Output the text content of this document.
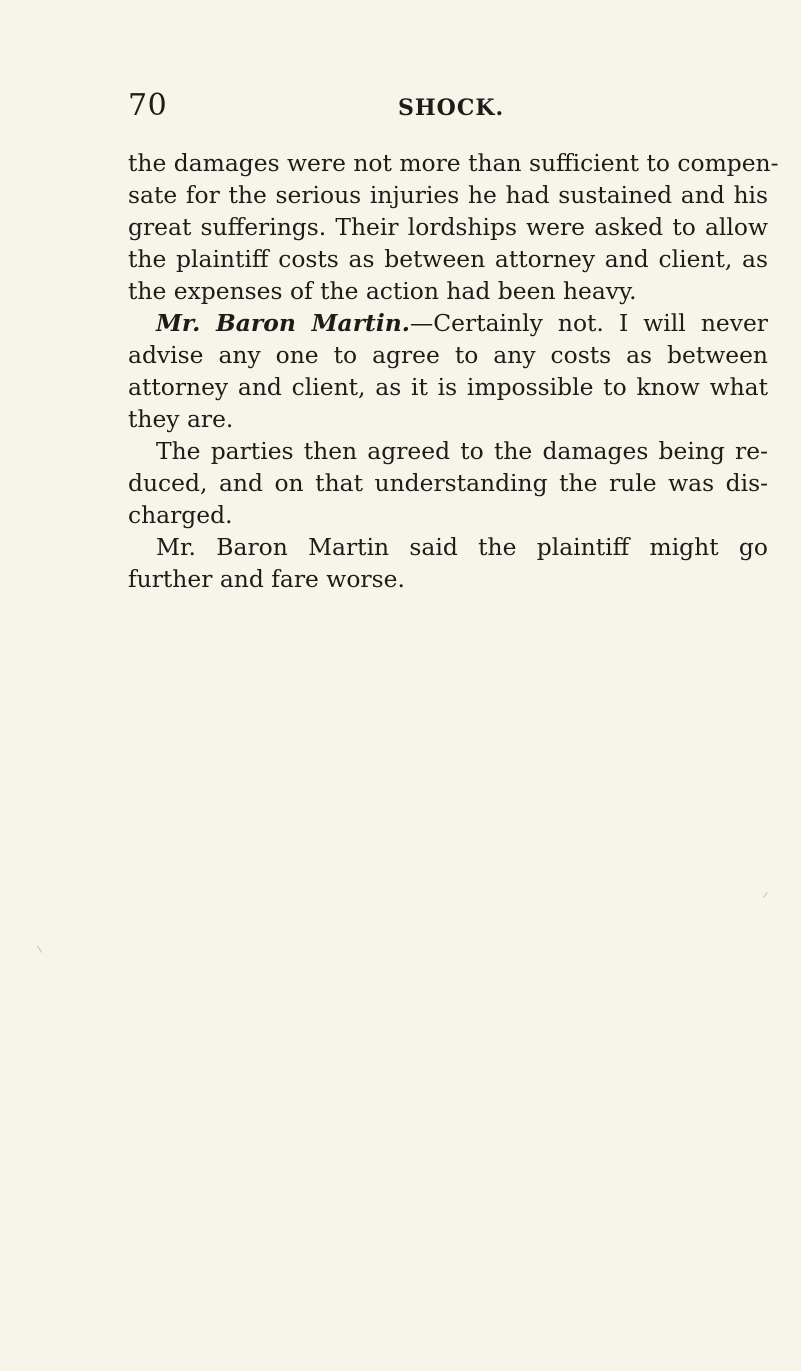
70	SHOCK.
the damages were not more than sufficient to compen-
sate for the serious injuries he had sustained and his
great sufferings. Their lordships were asked to allow
the plaintiff costs as between attorney and client, as
the expenses of the action had been heavy.
Mr. Baron Martin.—Certainly not. I will never
advise any one to agree to any costs as between
attorney and client, as it is impossible to know what
they are.
The parties then agreed to the damages being re-
duced, and on that understanding the rule was dis-
charged.
Mr. Baron Martin said the plaintiff might go
further and fare worse.
